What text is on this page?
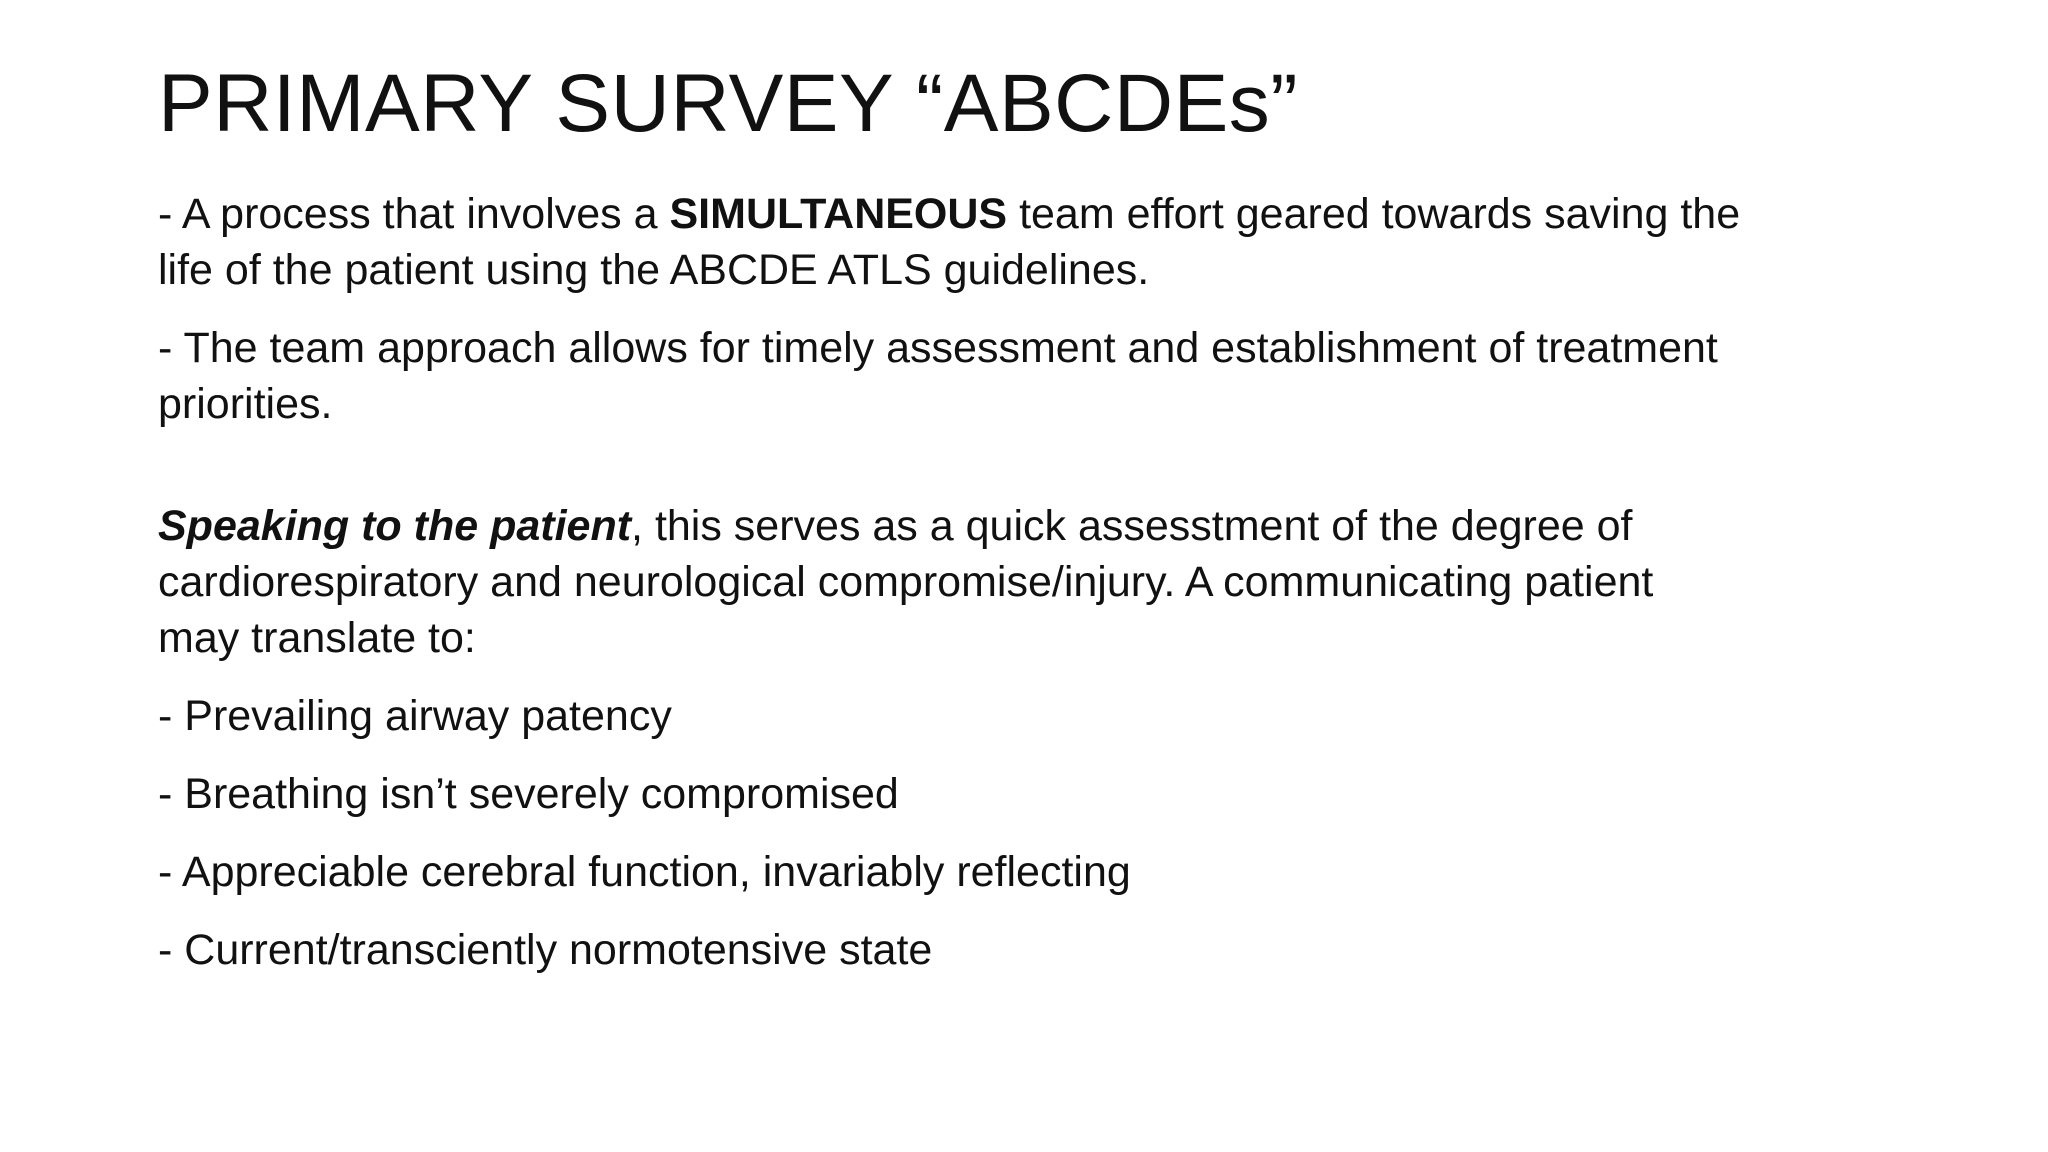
PRIMARY SURVEY “ABCDEs”

- A process that involves a SIMULTANEOUS team effort geared towards saving the
life of the patient using the ABCDE ATLS guidelines.

- The team approach allows for timely assessment and establishment of treatment
priorities.

Speaking to the patient, this serves as a quick assesstment of the degree of
cardiorespiratory and neurological compromise/injury. A communicating patient
may translate to:

- Prevailing airway patency

- Breathing isn’t severely compromised

- Appreciable cerebral function, invariably reflecting

- Current/transciently normotensive state
